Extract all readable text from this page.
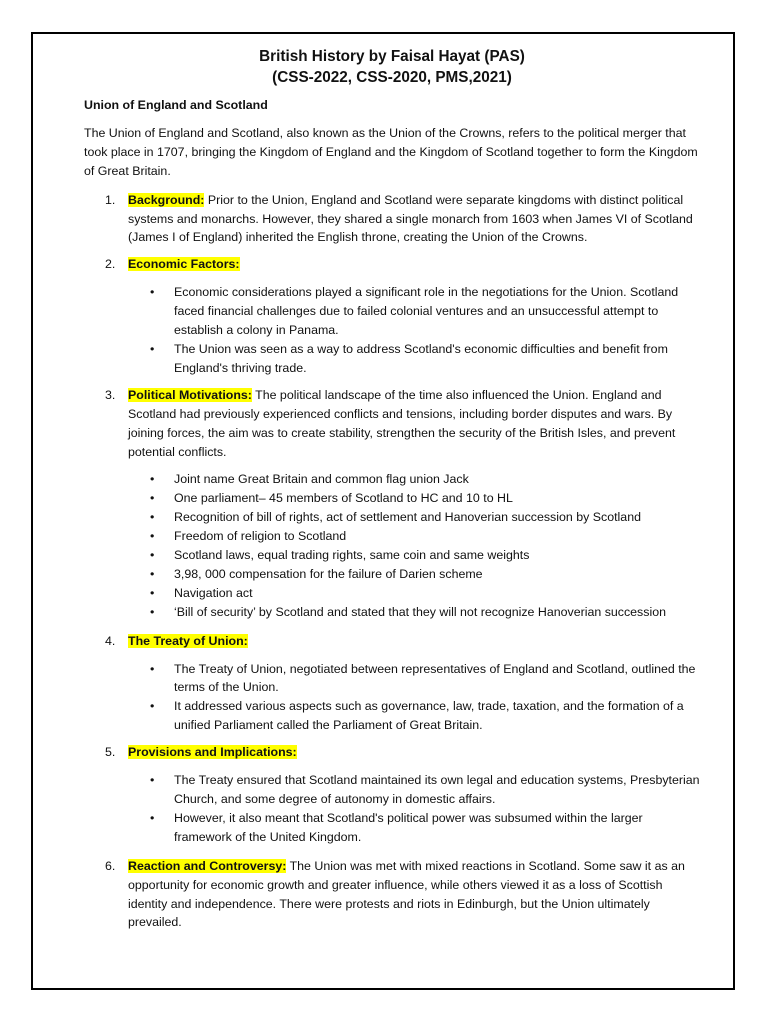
British History by Faisal Hayat (PAS)
(CSS-2022, CSS-2020, PMS,2021)
Union of England and Scotland

The Union of England and Scotland, also known as the Union of the Crowns, refers to the political merger that took place in 1707, bringing the Kingdom of England and the Kingdom of Scotland together to form the Kingdom of Great Britain.

1. Background: Prior to the Union, England and Scotland were separate kingdoms with distinct political systems and monarchs. However, they shared a single monarch from 1603 when James VI of Scotland (James I of England) inherited the English throne, creating the Union of the Crowns.
2. Economic Factors:
• Economic considerations played a significant role in the negotiations for the Union. Scotland faced financial challenges due to failed colonial ventures and an unsuccessful attempt to establish a colony in Panama.
• The Union was seen as a way to address Scotland's economic difficulties and benefit from England's thriving trade.
3. Political Motivations: The political landscape of the time also influenced the Union. England and Scotland had previously experienced conflicts and tensions, including border disputes and wars. By joining forces, the aim was to create stability, strengthen the security of the British Isles, and prevent potential conflicts.
• Joint name Great Britain and common flag union Jack
• One parliament– 45 members of Scotland to HC and 10 to HL
• Recognition of bill of rights, act of settlement and Hanoverian succession by Scotland
• Freedom of religion to Scotland
• Scotland laws, equal trading rights, same coin and same weights
• 3,98, 000 compensation for the failure of Darien scheme
• Navigation act
• ‘Bill of security’ by Scotland and stated that they will not recognize Hanoverian succession
4. The Treaty of Union:
• The Treaty of Union, negotiated between representatives of England and Scotland, outlined the terms of the Union.
• It addressed various aspects such as governance, law, trade, taxation, and the formation of a unified Parliament called the Parliament of Great Britain.
5. Provisions and Implications:
• The Treaty ensured that Scotland maintained its own legal and education systems, Presbyterian Church, and some degree of autonomy in domestic affairs.
• However, it also meant that Scotland's political power was subsumed within the larger framework of the United Kingdom.
6. Reaction and Controversy: The Union was met with mixed reactions in Scotland. Some saw it as an opportunity for economic growth and greater influence, while others viewed it as a loss of Scottish identity and independence. There were protests and riots in Edinburgh, but the Union ultimately prevailed.
